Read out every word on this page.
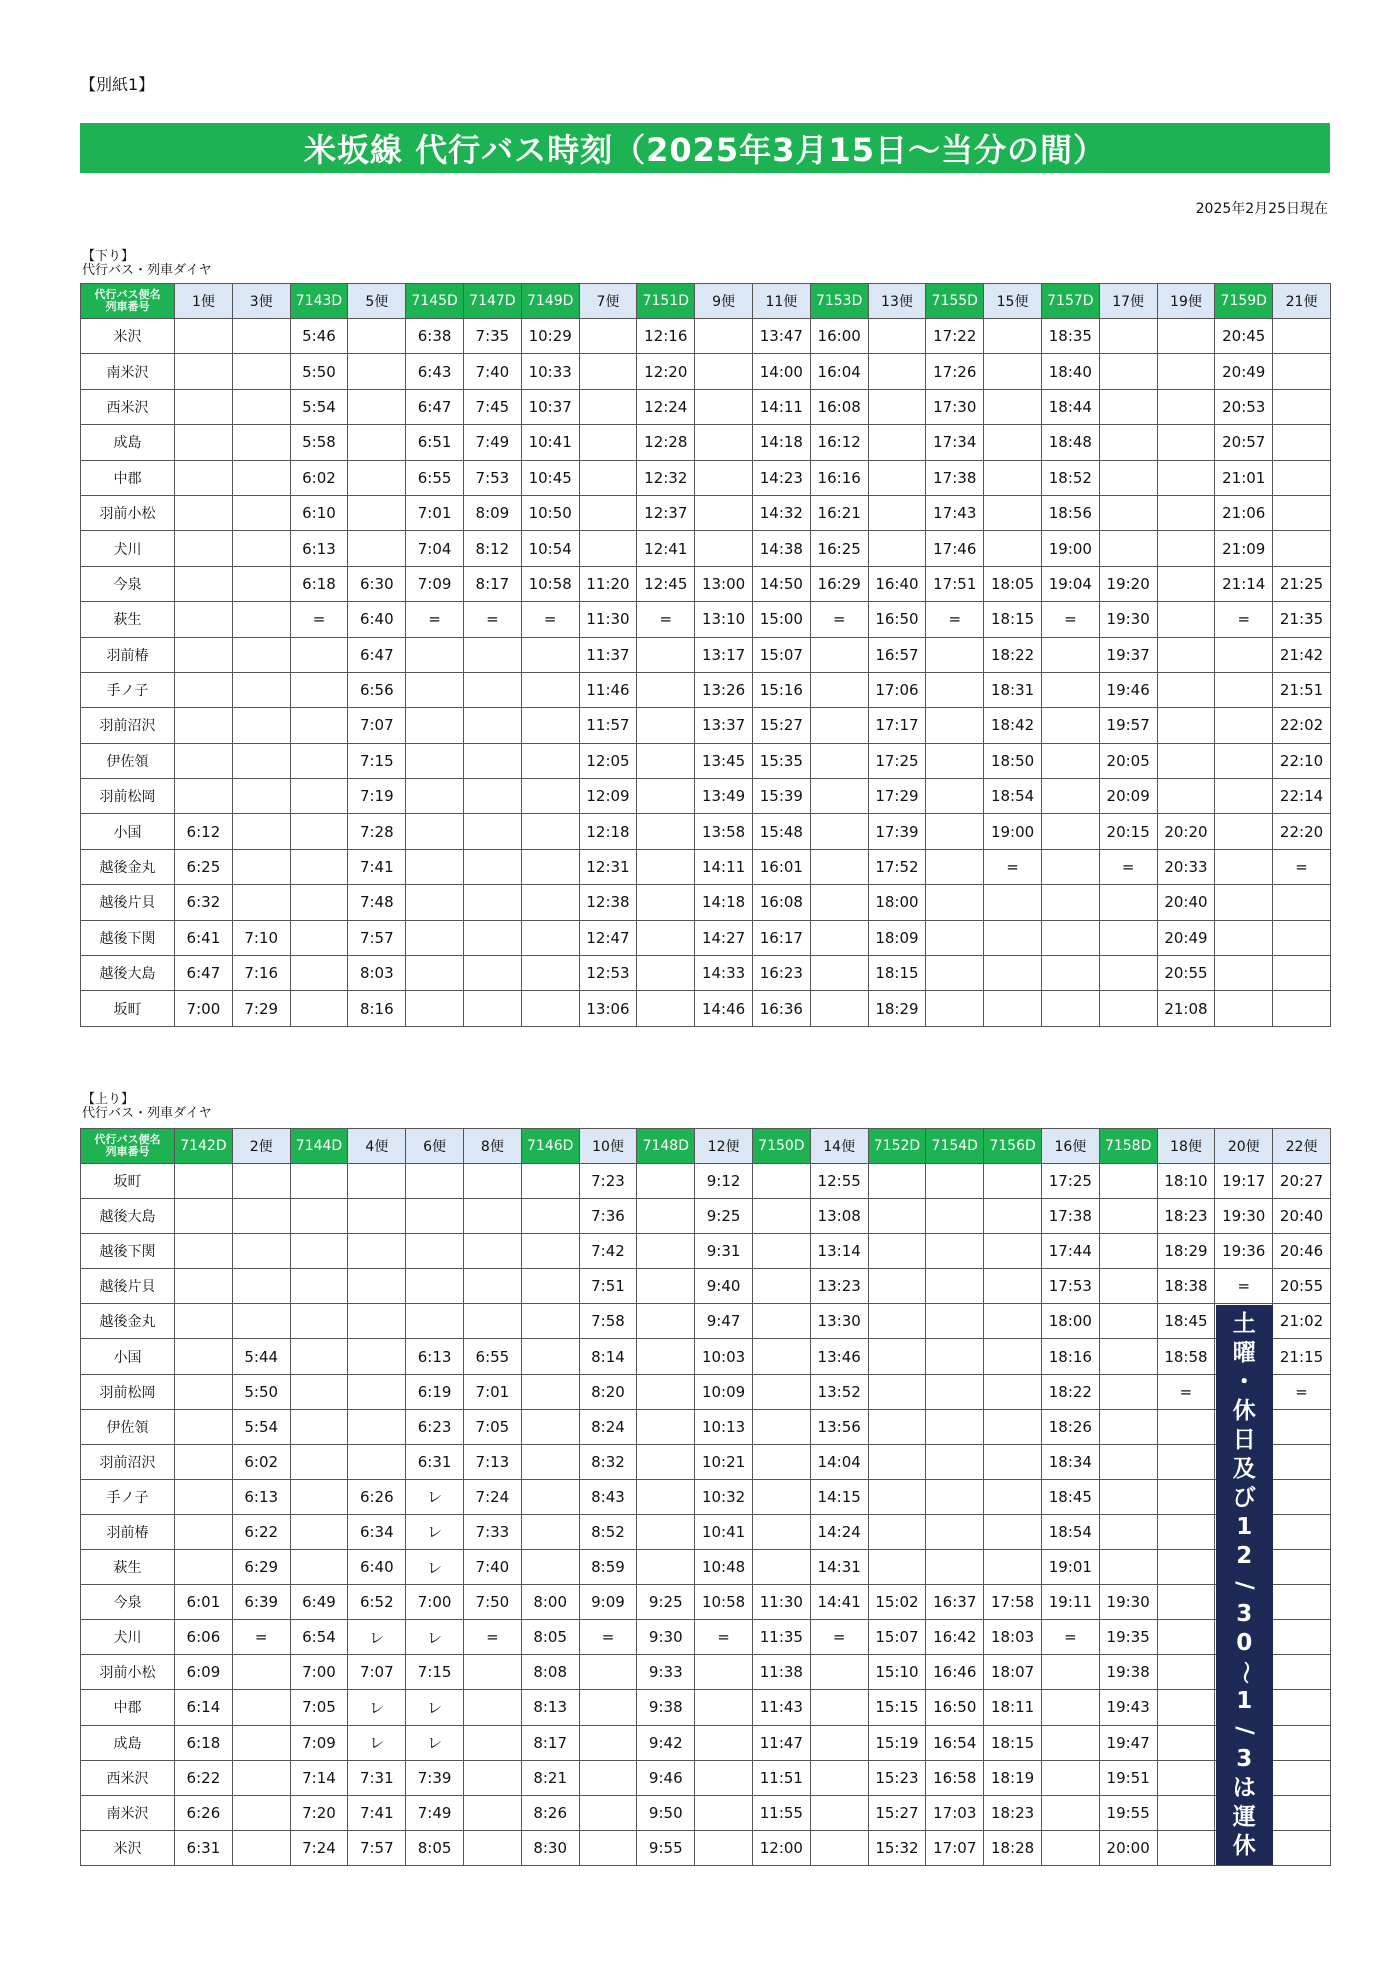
【別紙1】
米坂線 代行バス時刻（2025年3月15日～当分の間）
2025年2月25日現在
【下り】
代行バス・列車ダイヤ
代行バス便名
列車番号	1便	3便	7143D	5便	7145D	7147D	7149D	7便	7151D	9便	11便	7153D	13便	7155D	15便	7157D	17便	19便	7159D	21便
米沢			5:46		6:38	7:35	10:29		12:16		13:47	16:00		17:22		18:35			20:45	
南米沢			5:50		6:43	7:40	10:33		12:20		14:00	16:04		17:26		18:40			20:49	
西米沢			5:54		6:47	7:45	10:37		12:24		14:11	16:08		17:30		18:44			20:53	
成島			5:58		6:51	7:49	10:41		12:28		14:18	16:12		17:34		18:48			20:57	
中郡			6:02		6:55	7:53	10:45		12:32		14:23	16:16		17:38		18:52			21:01	
羽前小松			6:10		7:01	8:09	10:50		12:37		14:32	16:21		17:43		18:56			21:06	
犬川			6:13		7:04	8:12	10:54		12:41		14:38	16:25		17:46		19:00			21:09	
今泉			6:18	6:30	7:09	8:17	10:58	11:20	12:45	13:00	14:50	16:29	16:40	17:51	18:05	19:04	19:20		21:14	21:25
萩生			=	6:40	=	=	=	11:30	=	13:10	15:00	=	16:50	=	18:15	=	19:30		=	21:35
羽前椿				6:47				11:37		13:17	15:07		16:57		18:22		19:37			21:42
手ノ子				6:56				11:46		13:26	15:16		17:06		18:31		19:46			21:51
羽前沼沢				7:07				11:57		13:37	15:27		17:17		18:42		19:57			22:02
伊佐領				7:15				12:05		13:45	15:35		17:25		18:50		20:05			22:10
羽前松岡				7:19				12:09		13:49	15:39		17:29		18:54		20:09			22:14
小国	6:12			7:28				12:18		13:58	15:48		17:39		19:00		20:15	20:20		22:20
越後金丸	6:25			7:41				12:31		14:11	16:01		17:52		=		=	20:33		=
越後片貝	6:32			7:48				12:38		14:18	16:08		18:00					20:40		
越後下関	6:41	7:10		7:57				12:47		14:27	16:17		18:09					20:49		
越後大島	6:47	7:16		8:03				12:53		14:33	16:23		18:15					20:55		
坂町	7:00	7:29		8:16				13:06		14:46	16:36		18:29					21:08		
【上り】
代行バス・列車ダイヤ
代行バス便名
列車番号	7142D	2便	7144D	4便	6便	8便	7146D	10便	7148D	12便	7150D	14便	7152D	7154D	7156D	16便	7158D	18便	20便	22便
坂町								7:23		9:12		12:55				17:25		18:10	19:17	20:27
越後大島								7:36		9:25		13:08				17:38		18:23	19:30	20:40
越後下関								7:42		9:31		13:14				17:44		18:29	19:36	20:46
越後片貝								7:51		9:40		13:23				17:53		18:38	=	20:55
越後金丸								7:58		9:47		13:30				18:00		18:45		21:02
小国		5:44			6:13	6:55		8:14		10:03		13:46				18:16		18:58		21:15
羽前松岡		5:50			6:19	7:01		8:20		10:09		13:52				18:22		=		=
伊佐領		5:54			6:23	7:05		8:24		10:13		13:56				18:26				
羽前沼沢		6:02			6:31	7:13		8:32		10:21		14:04				18:34				
手ノ子		6:13		6:26	レ	7:24		8:43		10:32		14:15				18:45				
羽前椿		6:22		6:34	レ	7:33		8:52		10:41		14:24				18:54				
萩生		6:29		6:40	レ	7:40		8:59		10:48		14:31				19:01				
今泉	6:01	6:39	6:49	6:52	7:00	7:50	8:00	9:09	9:25	10:58	11:30	14:41	15:02	16:37	17:58	19:11	19:30			
犬川	6:06	=	6:54	レ	レ	=	8:05	=	9:30	=	11:35	=	15:07	16:42	18:03	=	19:35			
羽前小松	6:09		7:00	7:07	7:15		8:08		9:33		11:38		15:10	16:46	18:07		19:38			
中郡	6:14		7:05	レ	レ		8:13		9:38		11:43		15:15	16:50	18:11		19:43			
成島	6:18		7:09	レ	レ		8:17		9:42		11:47		15:19	16:54	18:15		19:47			
西米沢	6:22		7:14	7:31	7:39		8:21		9:46		11:51		15:23	16:58	18:19		19:51			
南米沢	6:26		7:20	7:41	7:49		8:26		9:50		11:55		15:27	17:03	18:23		19:55			
米沢	6:31		7:24	7:57	8:05		8:30		9:55		12:00		15:32	17:07	18:28		20:00			
土
曜
・
休
日
及
び
1
2
/
3
0
～
1
/
3
は
運
休
